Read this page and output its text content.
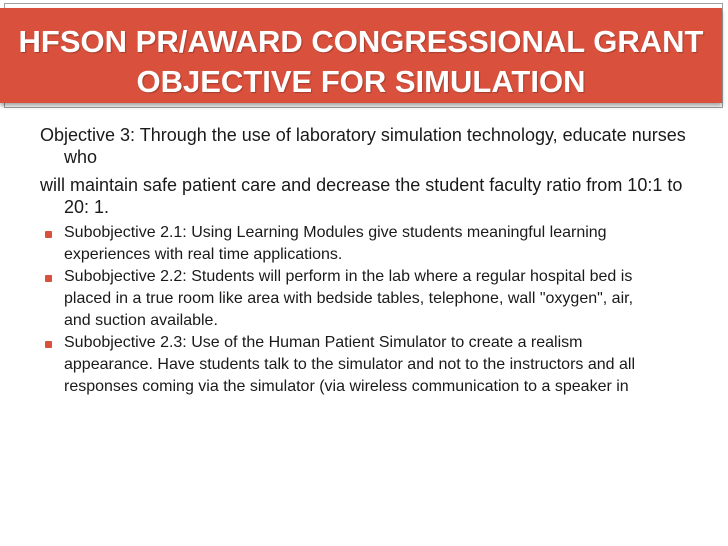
HFSON PR/AWARD CONGRESSIONAL GRANT
OBJECTIVE FOR SIMULATION

Objective 3: Through the use of laboratory simulation technology, educate nurses who

will maintain safe patient care and decrease the student faculty ratio from 10:1 to 20: 1.

Subobjective 2.1: Using Learning Modules give students meaningful learning
experiences with real time applications.
Subobjective 2.2: Students will perform in the lab where a regular hospital bed is
placed in a true room like area with bedside tables, telephone, wall "oxygen", air,
and suction available.
Subobjective 2.3: Use of the Human Patient Simulator to create a realism
appearance. Have students talk to the simulator and not to the instructors and all
responses coming via the simulator (via wireless communication to a speaker in
